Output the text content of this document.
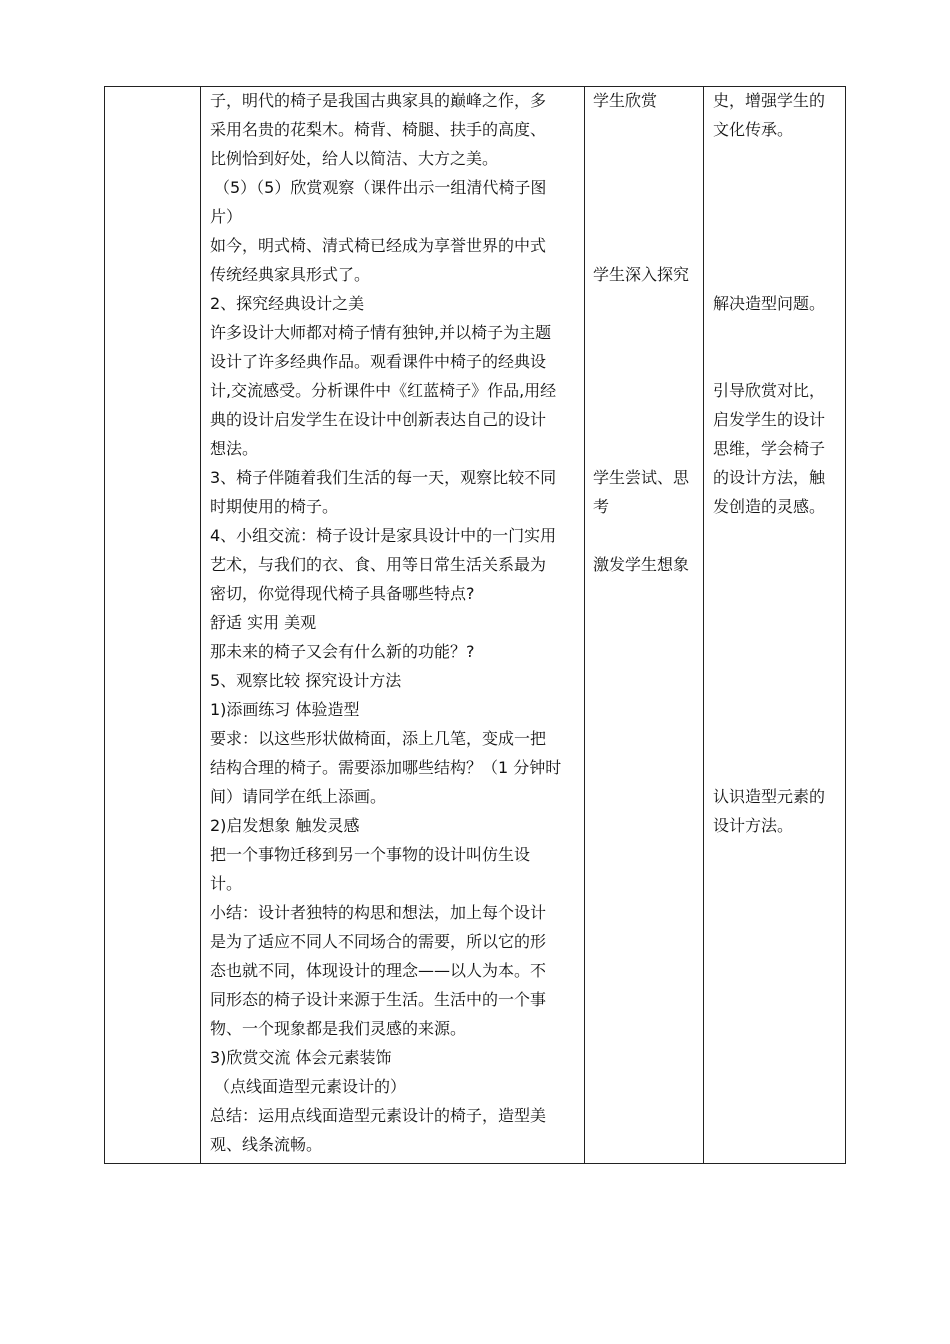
子，明代的椅子是我国古典家具的巅峰之作，多
采用名贵的花梨木。椅背、椅腿、扶手的高度、
比例恰到好处，给人以简洁、大方之美。
（5）（5）欣赏观察（课件出示一组清代椅子图
片）
如今，明式椅、清式椅已经成为享誉世界的中式
传统经典家具形式了。
2、探究经典设计之美
许多设计大师都对椅子情有独钟,并以椅子为主题
设计了许多经典作品。观看课件中椅子的经典设
计,交流感受。分析课件中《红蓝椅子》作品,用经
典的设计启发学生在设计中创新表达自己的设计
想法。
3、椅子伴随着我们生活的每一天，观察比较不同
时期使用的椅子。
4、小组交流：椅子设计是家具设计中的一门实用
艺术，与我们的衣、食、用等日常生活关系最为
密切，你觉得现代椅子具备哪些特点?
舒适 实用 美观
那未来的椅子又会有什么新的功能？?
5、观察比较 探究设计方法
1)添画练习 体验造型
要求：以这些形状做椅面，添上几笔，变成一把
结构合理的椅子。需要添加哪些结构？（1 分钟时
间）请同学在纸上添画。
2)启发想象 触发灵感
把一个事物迁移到另一个事物的设计叫仿生设
计。
小结：设计者独特的构思和想法，加上每个设计
是为了适应不同人不同场合的需要，所以它的形
态也就不同，体现设计的理念——以人为本。不
同形态的椅子设计来源于生活。生活中的一个事
物、一个现象都是我们灵感的来源。
3)欣赏交流 体会元素装饰
（点线面造型元素设计的）
总结：运用点线面造型元素设计的椅子，造型美
观、线条流畅。
学生欣赏
学生深入探究
学生尝试、思
考
激发学生想象
史，增强学生的
文化传承。
解决造型问题。
引导欣赏对比，
启发学生的设计
思维，学会椅子
的设计方法，触
发创造的灵感。
认识造型元素的
设计方法。
